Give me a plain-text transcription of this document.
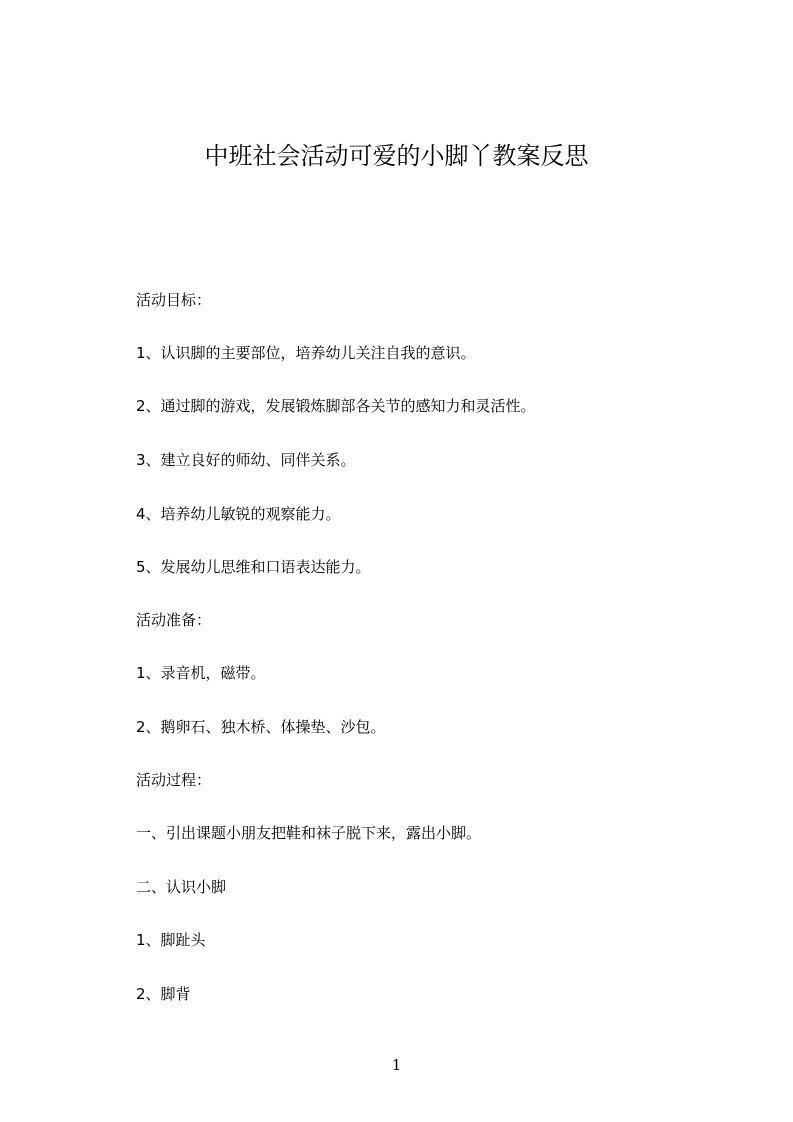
中班社会活动可爱的小脚丫教案反思
活动目标：
1、认识脚的主要部位，培养幼儿关注自我的意识。
2、通过脚的游戏，发展锻炼脚部各关节的感知力和灵活性。
3、建立良好的师幼、同伴关系。
4、培养幼儿敏锐的观察能力。
5、发展幼儿思维和口语表达能力。
活动准备：
1、录音机，磁带。
2、鹅卵石、独木桥、体操垫、沙包。
活动过程：
一、引出课题小朋友把鞋和袜子脱下来，露出小脚。
二、认识小脚
1、脚趾头
2、脚背
1
